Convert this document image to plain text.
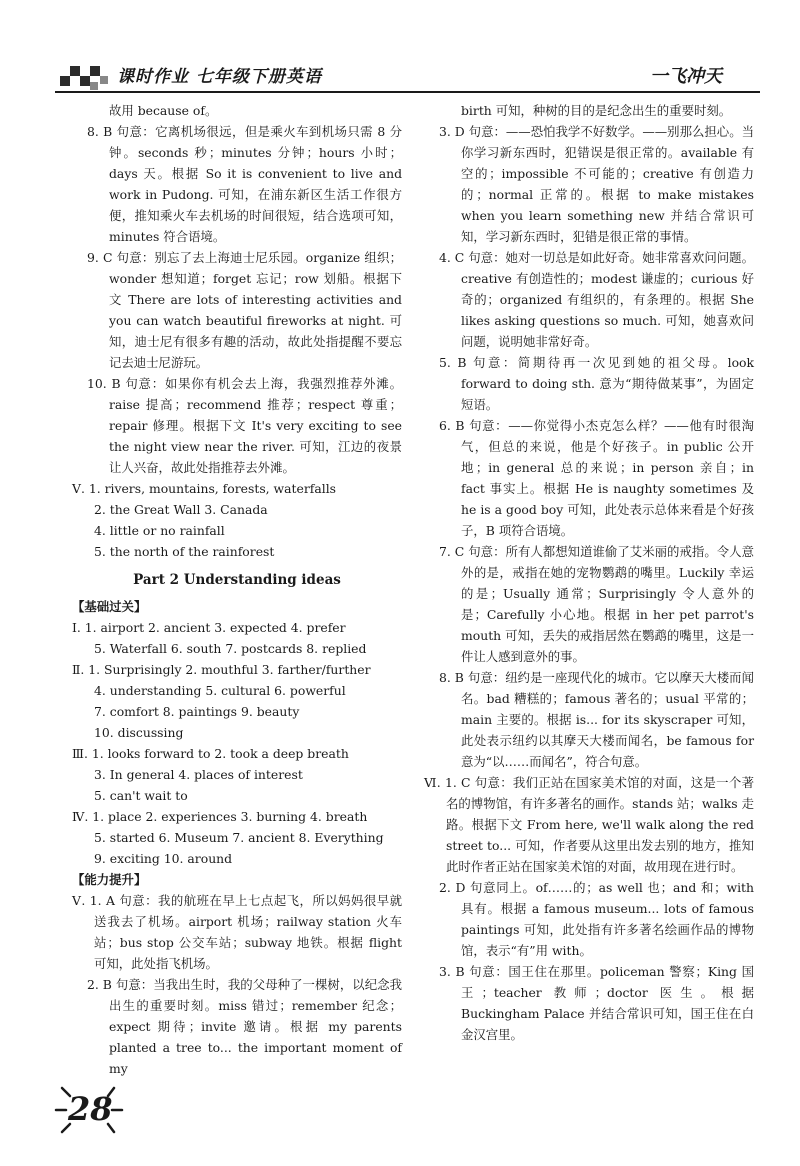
课时作业 七年级下册英语	一飞冲天

故用 because of。

8. B 句意：它离机场很远，但是乘火车到机场只需 8 分钟。seconds 秒；minutes 分钟；hours 小时；days 天。根据 So it is convenient to live and work in Pudong. 可知，在浦东新区生活工作很方便，推知乘火车去机场的时间很短，结合选项可知，minutes 符合语境。

9. C 句意：别忘了去上海迪士尼乐园。organize 组织；wonder 想知道；forget 忘记；row 划船。根据下文 There are lots of interesting activities and you can watch beautiful fireworks at night. 可知，迪士尼有很多有趣的活动，故此处指提醒不要忘记去迪士尼游玩。

10. B 句意：如果你有机会去上海，我强烈推荐外滩。raise 提高；recommend 推荐；respect 尊重；repair 修理。根据下文 It's very exciting to see the night view near the river. 可知，江边的夜景让人兴奋，故此处指推荐去外滩。

Ⅴ. 1. rivers, mountains, forests, waterfalls

2. the Great Wall 3. Canada

4. little or no rainfall

5. the north of the rainforest

Part 2 Understanding ideas

【基础过关】

Ⅰ. 1. airport 2. ancient 3. expected 4. prefer

5. Waterfall 6. south 7. postcards 8. replied

Ⅱ. 1. Surprisingly 2. mouthful 3. farther/further

4. understanding 5. cultural 6. powerful

7. comfort 8. paintings 9. beauty

10. discussing

Ⅲ. 1. looks forward to 2. took a deep breath

3. In general 4. places of interest

5. can't wait to

Ⅳ. 1. place 2. experiences 3. burning 4. breath

5. started 6. Museum 7. ancient 8. Everything

9. exciting 10. around

【能力提升】

Ⅴ. 1. A 句意：我的航班在早上七点起飞，所以妈妈很早就送我去了机场。airport 机场；railway station 火车站；bus stop 公交车站；subway 地铁。根据 flight 可知，此处指飞机场。

2. B 句意：当我出生时，我的父母种了一棵树，以纪念我出生的重要时刻。miss 错过；remember 纪念；expect 期待；invite 邀请。根据 my parents planted a tree to... the important moment of my

birth 可知，种树的目的是纪念出生的重要时刻。

3. D 句意：——恐怕我学不好数学。——别那么担心。当你学习新东西时，犯错误是很正常的。available 有空的；impossible 不可能的；creative 有创造力的；normal 正常的。根据 to make mistakes when you learn something new 并结合常识可知，学习新东西时，犯错是很正常的事情。

4. C 句意：她对一切总是如此好奇。她非常喜欢问问题。creative 有创造性的；modest 谦虚的；curious 好奇的；organized 有组织的，有条理的。根据 She likes asking questions so much. 可知，她喜欢问问题，说明她非常好奇。

5. B 句意：简期待再一次见到她的祖父母。look forward to doing sth. 意为“期待做某事”，为固定短语。

6. B 句意：——你觉得小杰克怎么样？——他有时很淘气，但总的来说，他是个好孩子。in public 公开地；in general 总的来说；in person 亲自；in fact 事实上。根据 He is naughty sometimes 及 he is a good boy 可知，此处表示总体来看是个好孩子，B 项符合语境。

7. C 句意：所有人都想知道谁偷了艾米丽的戒指。令人意外的是，戒指在她的宠物鹦鹉的嘴里。Luckily 幸运的是；Usually 通常；Surprisingly 令人意外的是；Carefully 小心地。根据 in her pet parrot's mouth 可知，丢失的戒指居然在鹦鹉的嘴里，这是一件让人感到意外的事。

8. B 句意：纽约是一座现代化的城市。它以摩天大楼而闻名。bad 糟糕的；famous 著名的；usual 平常的；main 主要的。根据 is... for its skyscraper 可知，此处表示纽约以其摩天大楼而闻名，be famous for 意为“以……而闻名”，符合句意。

Ⅵ. 1. C 句意：我们正站在国家美术馆的对面，这是一个著名的博物馆，有许多著名的画作。stands 站；walks 走路。根据下文 From here, we'll walk along the red street to... 可知，作者要从这里出发去别的地方，推知此时作者正站在国家美术馆的对面，故用现在进行时。

2. D 句意同上。of……的；as well 也；and 和；with 具有。根据 a famous museum... lots of famous paintings 可知，此处指有许多著名绘画作品的博物馆，表示“有”用 with。

3. B 句意：国王住在那里。policeman 警察；King 国王；teacher 教师；doctor 医生。根据 Buckingham Palace 并结合常识可知，国王住在白金汉宫里。

28
